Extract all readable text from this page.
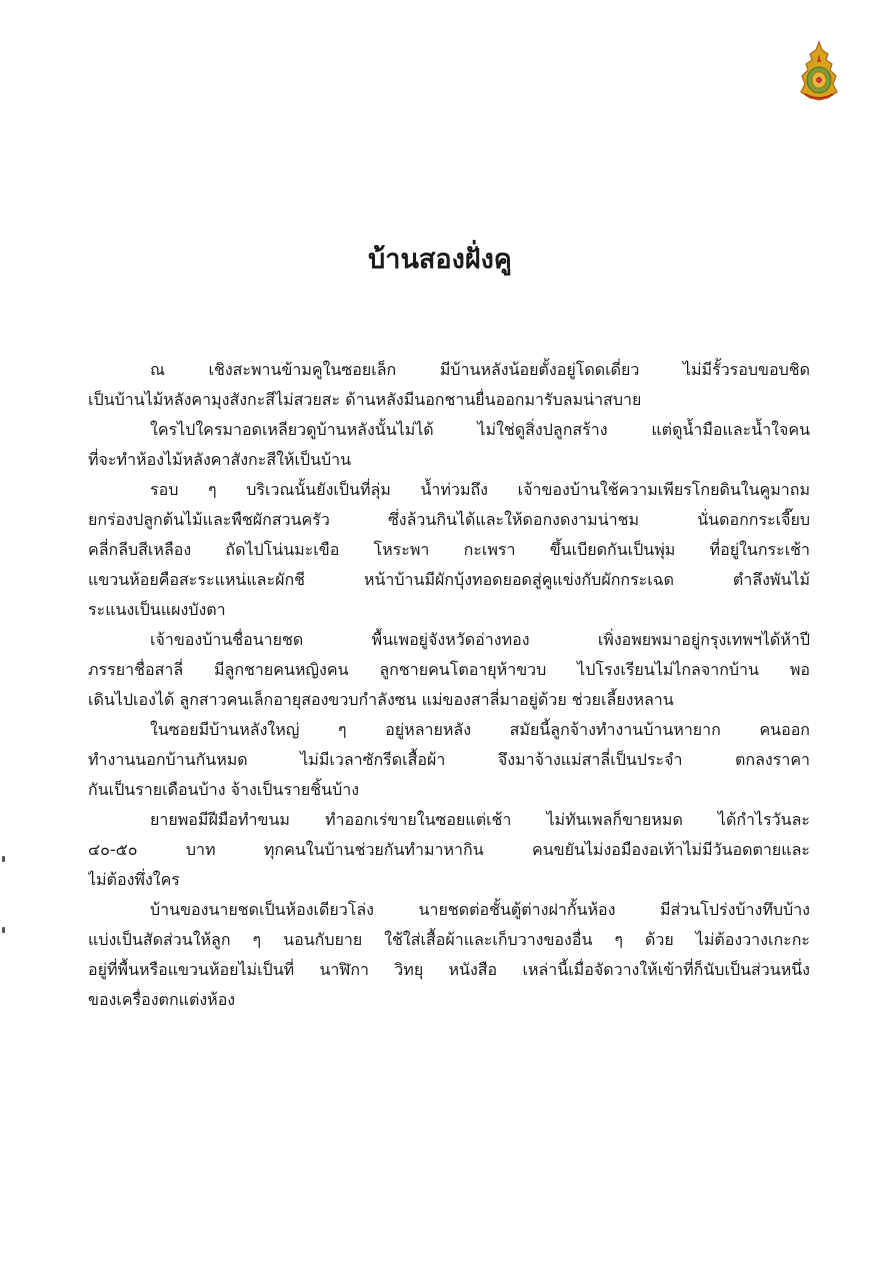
บ้านสองฝั่งคู
ณ เชิงสะพานข้ามคูในซอยเล็ก มีบ้านหลังน้อยตั้งอยู่โดดเดี่ยว ไม่มีรั้วรอบขอบชิด
เป็นบ้านไม้หลังคามุงสังกะสีไม่สวยสะ ด้านหลังมีนอกชานยื่นออกมารับลมน่าสบาย
ใครไปใครมาอดเหลียวดูบ้านหลังนั้นไม่ได้ ไม่ใช่ดูสิ่งปลูกสร้าง แต่ดูน้ำมือและน้ำใจคน
ที่จะทำห้องไม้หลังคาสังกะสีให้เป็นบ้าน
รอบ ๆ บริเวณนั้นยังเป็นที่ลุ่ม น้ำท่วมถึง เจ้าของบ้านใช้ความเพียรโกยดินในคูมาถม
ยกร่องปลูกต้นไม้และพืชผักสวนครัว ซึ่งล้วนกินได้และให้ดอกงดงามน่าชม นั่นดอกกระเจี๊ยบ
คลี่กลีบสีเหลือง ถัดไปโน่นมะเขือ โหระพา กะเพรา ขึ้นเบียดกันเป็นพุ่ม ที่อยู่ในกระเช้า
แขวนห้อยคือสะระแหน่และผักชี หน้าบ้านมีผักบุ้งทอดยอดสู่คูแข่งกับผักกระเฉด ตำลึงพันไม้
ระแนงเป็นแผงบังตา
เจ้าของบ้านชื่อนายชด พื้นเพอยู่จังหวัดอ่างทอง เพิ่งอพยพมาอยู่กรุงเทพฯได้ห้าปี
ภรรยาชื่อสาลี่ มีลูกชายคนหญิงคน ลูกชายคนโตอายุห้าขวบ ไปโรงเรียนไม่ไกลจากบ้าน พอ
เดินไปเองได้ ลูกสาวคนเล็กอายุสองขวบกำลังซน แม่ของสาลี่มาอยู่ด้วย ช่วยเลี้ยงหลาน
ในซอยมีบ้านหลังใหญ่ ๆ อยู่หลายหลัง สมัยนี้ลูกจ้างทำงานบ้านหายาก คนออก
ทำงานนอกบ้านกันหมด ไม่มีเวลาซักรีดเสื้อผ้า จึงมาจ้างแม่สาลี่เป็นประจำ ตกลงราคา
กันเป็นรายเดือนบ้าง จ้างเป็นรายชิ้นบ้าง
ยายพอมีฝีมือทำขนม ทำออกเร่ขายในซอยแต่เช้า ไม่ทันเพลก็ขายหมด ได้กำไรวันละ
๔๐-๕๐ บาท ทุกคนในบ้านช่วยกันทำมาหากิน คนขยันไม่งอมืองอเท้าไม่มีวันอดตายและ
ไม่ต้องพึ่งใคร
บ้านของนายชดเป็นห้องเดียวโล่ง นายชดต่อชั้นตู้ต่างฝากั้นห้อง มีส่วนโปร่งบ้างทึบบ้าง
แบ่งเป็นสัดส่วนให้ลูก ๆ นอนกับยาย ใช้ใส่เสื้อผ้าและเก็บวางของอื่น ๆ ด้วย ไม่ต้องวางเกะกะ
อยู่ที่พื้นหรือแขวนห้อยไม่เป็นที่ นาฬิกา วิทยุ หนังสือ เหล่านี้เมื่อจัดวางให้เข้าที่ก็นับเป็นส่วนหนึ่ง
ของเครื่องตกแต่งห้อง
